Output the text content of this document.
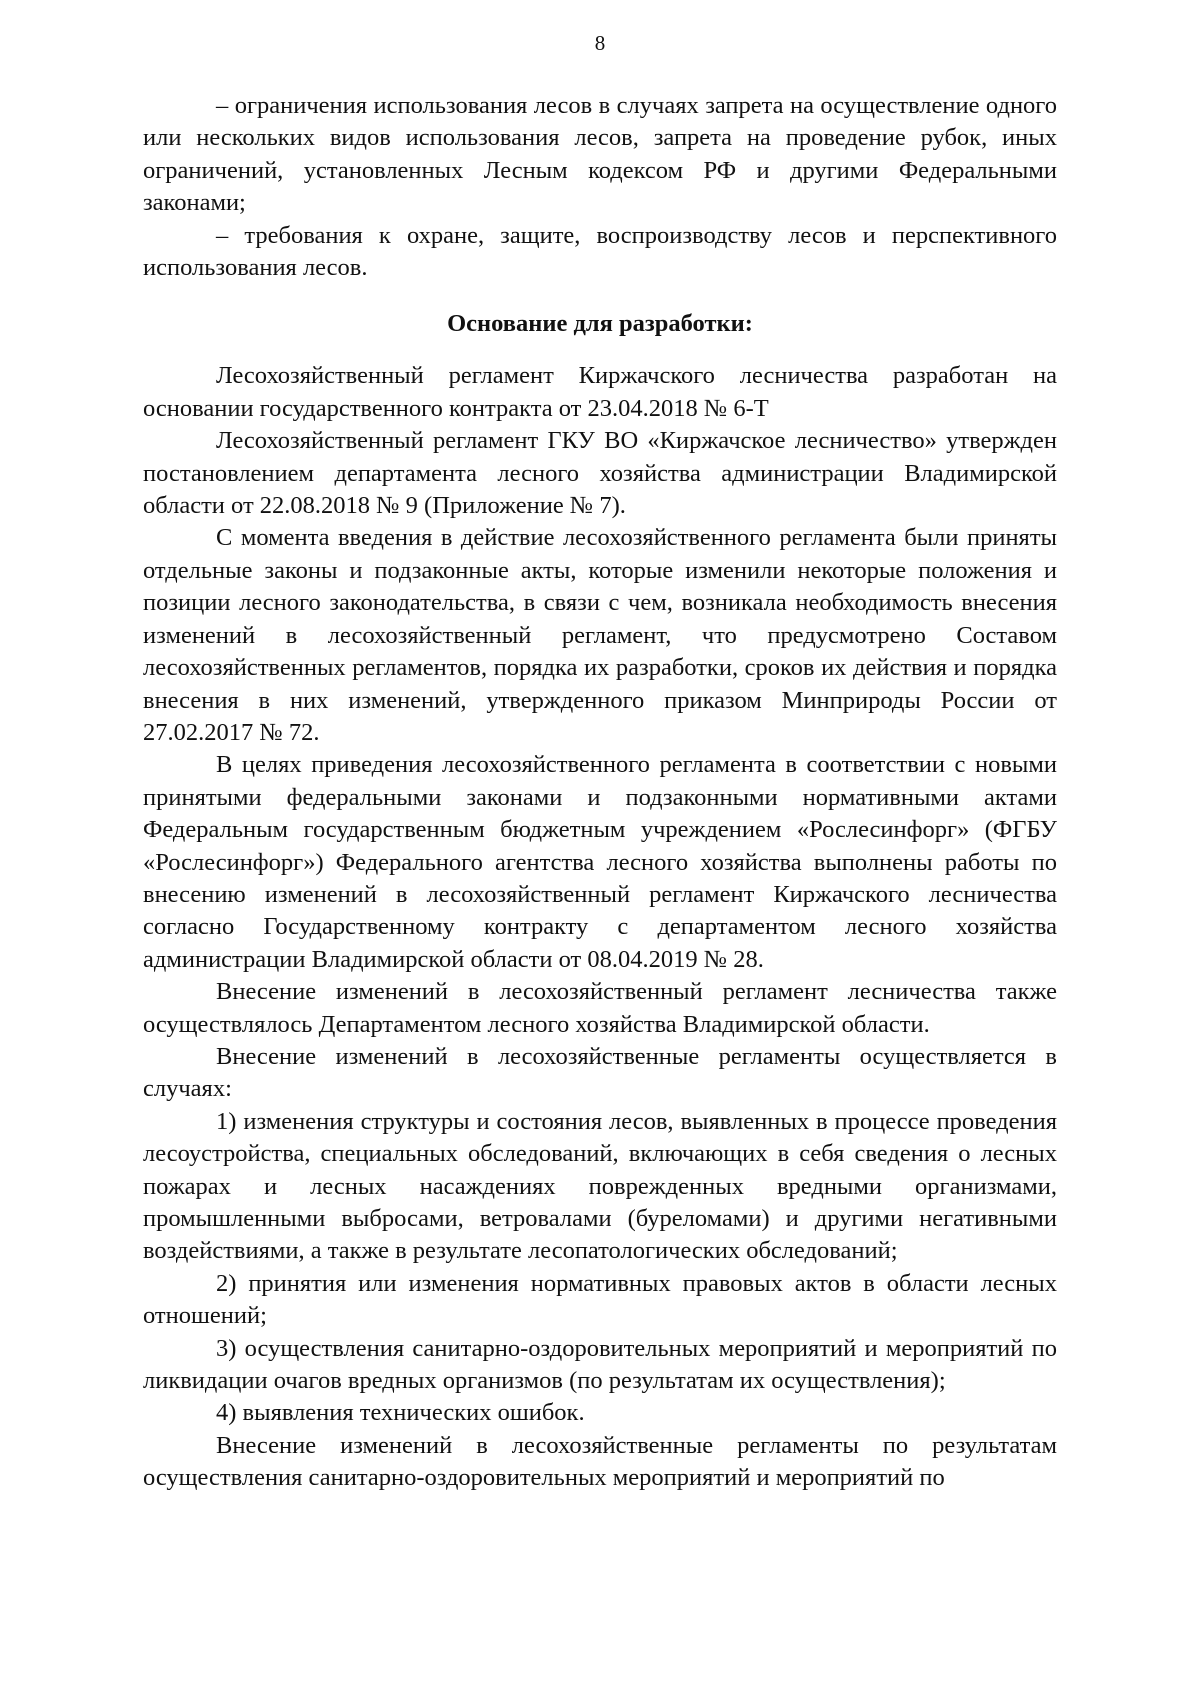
8

– ограничения использования лесов в случаях запрета на осуществление одного или нескольких видов использования лесов, запрета на проведение рубок, иных ограничений, установленных Лесным кодексом РФ и другими Федеральными законами;

– требования к охране, защите, воспроизводству лесов и перспективного использования лесов.

Основание для разработки:

Лесохозяйственный регламент Киржачского лесничества разработан на основании государственного контракта от 23.04.2018 № 6-Т

Лесохозяйственный регламент ГКУ ВО «Киржачское лесничество» утвержден постановлением департамента лесного хозяйства администрации Владимирской области от 22.08.2018 № 9 (Приложение № 7).

С момента введения в действие лесохозяйственного регламента были приняты отдельные законы и подзаконные акты, которые изменили некоторые положения и позиции лесного законодательства, в связи с чем, возникала необходимость внесения изменений в лесохозяйственный регламент, что предусмотрено Составом лесохозяйственных регламентов, порядка их разработки, сроков их действия и порядка внесения в них изменений, утвержденного приказом Минприроды России от 27.02.2017 № 72.

В целях приведения лесохозяйственного регламента в соответствии с новыми принятыми федеральными законами и подзаконными нормативными актами Федеральным государственным бюджетным учреждением «Рослесинфорг» (ФГБУ «Рослесинфорг») Федерального агентства лесного хозяйства выполнены работы по внесению изменений в лесохозяйственный регламент Киржачского лесничества согласно Государственному контракту с департаментом лесного хозяйства администрации Владимирской области от 08.04.2019 № 28.

Внесение изменений в лесохозяйственный регламент лесничества также осуществлялось Департаментом лесного хозяйства Владимирской области.

Внесение изменений в лесохозяйственные регламенты осуществляется в случаях:

1) изменения структуры и состояния лесов, выявленных в процессе проведения лесоустройства, специальных обследований, включающих в себя сведения о лесных пожарах и лесных насаждениях поврежденных вредными организмами, промышленными выбросами, ветровалами (буреломами) и другими негативными воздействиями, а также в результате лесопатологических обследований;

2) принятия или изменения нормативных правовых актов в области лесных отношений;

3) осуществления санитарно-оздоровительных мероприятий и мероприятий по ликвидации очагов вредных организмов (по результатам их осуществления);

4) выявления технических ошибок.

Внесение изменений в лесохозяйственные регламенты по результатам осуществления санитарно-оздоровительных мероприятий и мероприятий по
